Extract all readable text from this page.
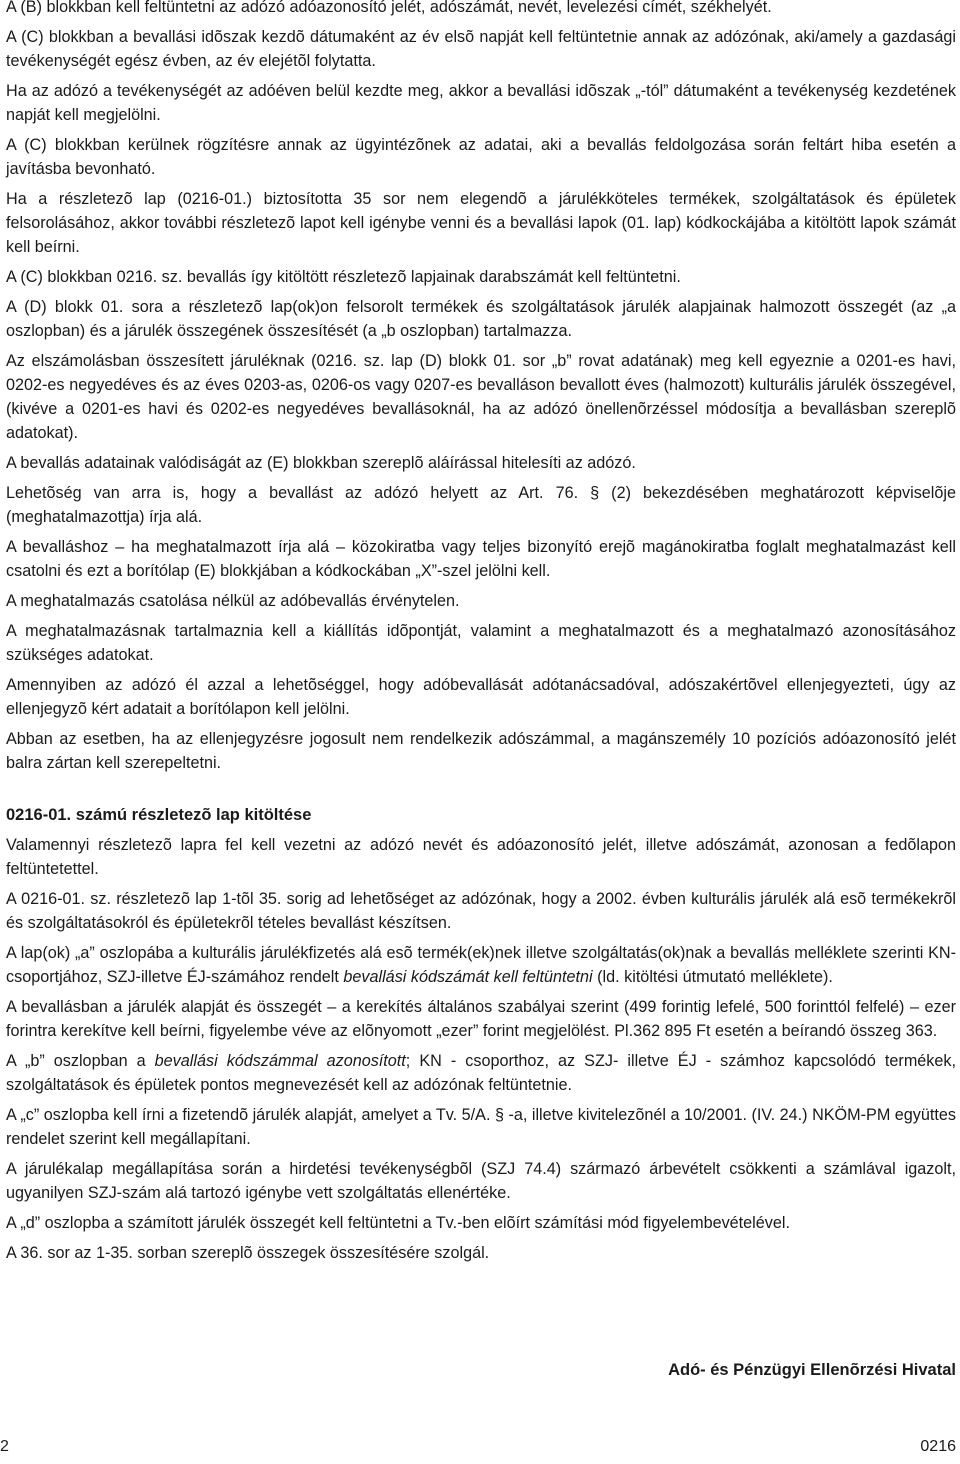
A (B) blokkban kell feltüntetni az adózó adóazonosító jelét, adószámát, nevét, levelezési címét, székhelyét.

A (C) blokkban a bevallási idõszak kezdõ dátumaként az év elsõ napját kell feltüntetnie annak az adózónak, aki/amely a gazdasági tevékenységét egész évben, az év elejétõl folytatta.

Ha az adózó a tevékenységét az adóéven belül kezdte meg, akkor a bevallási idõszak „-tól” dátumaként a tevékenység kezdetének napját kell megjelölni.

A (C) blokkban kerülnek rögzítésre annak az ügyintézõnek az adatai, aki a bevallás feldolgozása során feltárt hiba esetén a javításba bevonható.

Ha a részletezõ lap (0216-01.) biztosította 35 sor nem elegendõ a járulékköteles termékek, szolgáltatások és épületek felsorolásához, akkor további részletezõ lapot kell igénybe venni és a bevallási lapok (01. lap) kódkockájába a kitöltött lapok számát kell beírni.

A (C) blokkban 0216. sz. bevallás így kitöltött részletezõ lapjainak darabszámát kell feltüntetni.

A (D) blokk 01. sora a részletezõ lap(ok)on felsorolt termékek és szolgáltatások járulék alapjainak halmozott összegét (az „a oszlopban) és a járulék összegének összesítését (a „b oszlopban) tartalmazza.

Az elszámolásban összesített járuléknak (0216. sz. lap (D) blokk 01. sor „b” rovat adatának) meg kell egyeznie a 0201-es havi, 0202-es negyedéves és az éves 0203-as, 0206-os vagy 0207-es bevalláson bevallott éves (halmozott) kulturális járulék összegével, (kivéve a 0201-es havi és 0202-es negyedéves bevallásoknál, ha az adózó önellenõrzéssel módosítja a bevallásban szereplõ adatokat).

A bevallás adatainak valódiságát az (E) blokkban szereplõ aláírással hitelesíti az adózó.

Lehetõség van arra is, hogy a bevallást az adózó helyett az Art. 76. § (2) bekezdésében meghatározott képviselõje (meghatalmazottja) írja alá.

A bevalláshoz – ha meghatalmazott írja alá – közokiratba vagy teljes bizonyító erejõ magánokiratba foglalt meghatalmazást kell csatolni és ezt a borítólap (E) blokkjában a kódkockában „X”-szel jelölni kell.

A meghatalmazás csatolása nélkül az adóbevallás érvénytelen.

A meghatalmazásnak tartalmaznia kell a kiállítás idõpontját, valamint a meghatalmazott és a meghatalmazó azonosításához szükséges adatokat.

Amennyiben az adózó él azzal a lehetõséggel, hogy adóbevallását adótanácsadóval, adószakértõvel ellenjegyezteti, úgy az ellenjegyzõ kért adatait a borítólapon kell jelölni.

Abban az esetben, ha az ellenjegyzésre jogosult nem rendelkezik adószámmal, a magánszemély 10 pozíciós adóazonosító jelét balra zártan kell szerepeltetni.

0216-01. számú részletezõ lap kitöltése

Valamennyi részletezõ lapra fel kell vezetni az adózó nevét és adóazonosító jelét, illetve adószámát, azonosan a fedõlapon feltüntetettel.

A 0216-01. sz. részletezõ lap 1-tõl 35. sorig ad lehetõséget az adózónak, hogy a 2002. évben kulturális járulék alá esõ termékekrõl és szolgáltatásokról és épületekrõl tételes bevallást készítsen.

A lap(ok) „a” oszlopába a kulturális járulékfizetés alá esõ termék(ek)nek illetve szolgáltatás(ok)nak a bevallás melléklete szerinti KN-csoportjához, SZJ-illetve ÉJ-számához rendelt bevallási kódszámát kell feltüntetni (ld. kitöltési útmutató melléklete).

A bevallásban a járulék alapját és összegét – a kerekítés általános szabályai szerint (499 forintig lefelé, 500 forinttól felfelé) – ezer forintra kerekítve kell beírni, figyelembe véve az elõnyomott „ezer” forint megjelölést. Pl.362 895 Ft esetén a beírandó összeg 363.

A „b” oszlopban a bevallási kódszámmal azonosított; KN - csoporthoz, az SZJ- illetve ÉJ - számhoz kapcsolódó termékek, szolgáltatások és épületek pontos megnevezését kell az adózónak feltüntetnie.

A „c” oszlopba kell írni a fizetendõ járulék alapját, amelyet a Tv. 5/A. § -a, illetve kivitelezõnél a 10/2001. (IV. 24.) NKÖM-PM együttes rendelet szerint kell megállapítani.

A járulékalap megállapítása során a hirdetési tevékenységbõl (SZJ 74.4) származó árbevételt csökkenti a számlával igazolt, ugyanilyen SZJ-szám alá tartozó igénybe vett szolgáltatás ellenértéke.

A „d” oszlopba a számított járulék összegét kell feltüntetni a Tv.-ben elõírt számítási mód figyelembevételével.

A 36. sor az 1-35. sorban szereplõ összegek összesítésére szolgál.

Adó- és Pénzügyi Ellenõrzési Hivatal
2	0216
